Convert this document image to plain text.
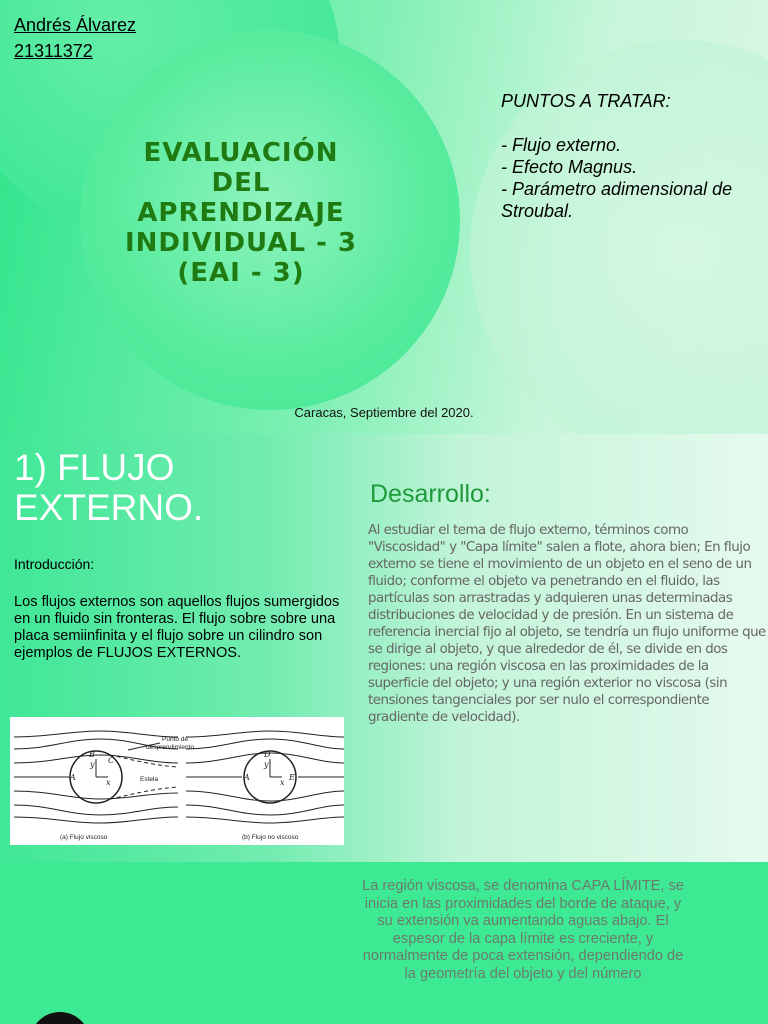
Andrés Álvarez
21311372
EVALUACIÓN
DEL
APRENDIZAJE
INDIVIDUAL - 3
(EAI - 3)
PUNTOS A TRATAR:
- Flujo externo.
- Efecto Magnus.
- Parámetro adimensional de Stroubal.
Caracas, Septiembre del 2020.
1) FLUJO
EXTERNO.
Introducción:
Los flujos externos son aquellos flujos sumergidos en un fluido sin fronteras. El flujo sobre sobre una placa semiinfinita y el flujo sobre un cilindro son ejemplos de FLUJOS EXTERNOS.
A
B
C
y
x
A
D
E
y
x
Punto de
desprendimiento
Estela
(a) Flujo viscoso	(b) Flujo no viscoso
Desarrollo:
Al estudiar el tema de flujo externo, términos como "Viscosidad" y "Capa límite" salen a flote, ahora bien; En flujo externo se tiene el movimiento de un objeto en el seno de un fluido; conforme el objeto va penetrando en el fluido, las partículas son arrastradas y adquieren unas determinadas distribuciones de velocidad y de presión. En un sistema de referencia inercial fijo al objeto, se tendría un flujo uniforme que se dirige al objeto, y que alrededor de él, se divide en dos regiones: una región viscosa en las proximidades de la superficie del objeto; y una región exterior no viscosa (sin tensiones tangenciales por ser nulo el correspondiente gradiente de velocidad).
La región viscosa, se denomina CAPA LÍMITE, se inicia en las proximidades del borde de ataque, y su extensión va aumentando aguas abajo. El espesor de la capa límite es creciente, y normalmente de poca extensión, dependiendo de la geometría del objeto y del número
